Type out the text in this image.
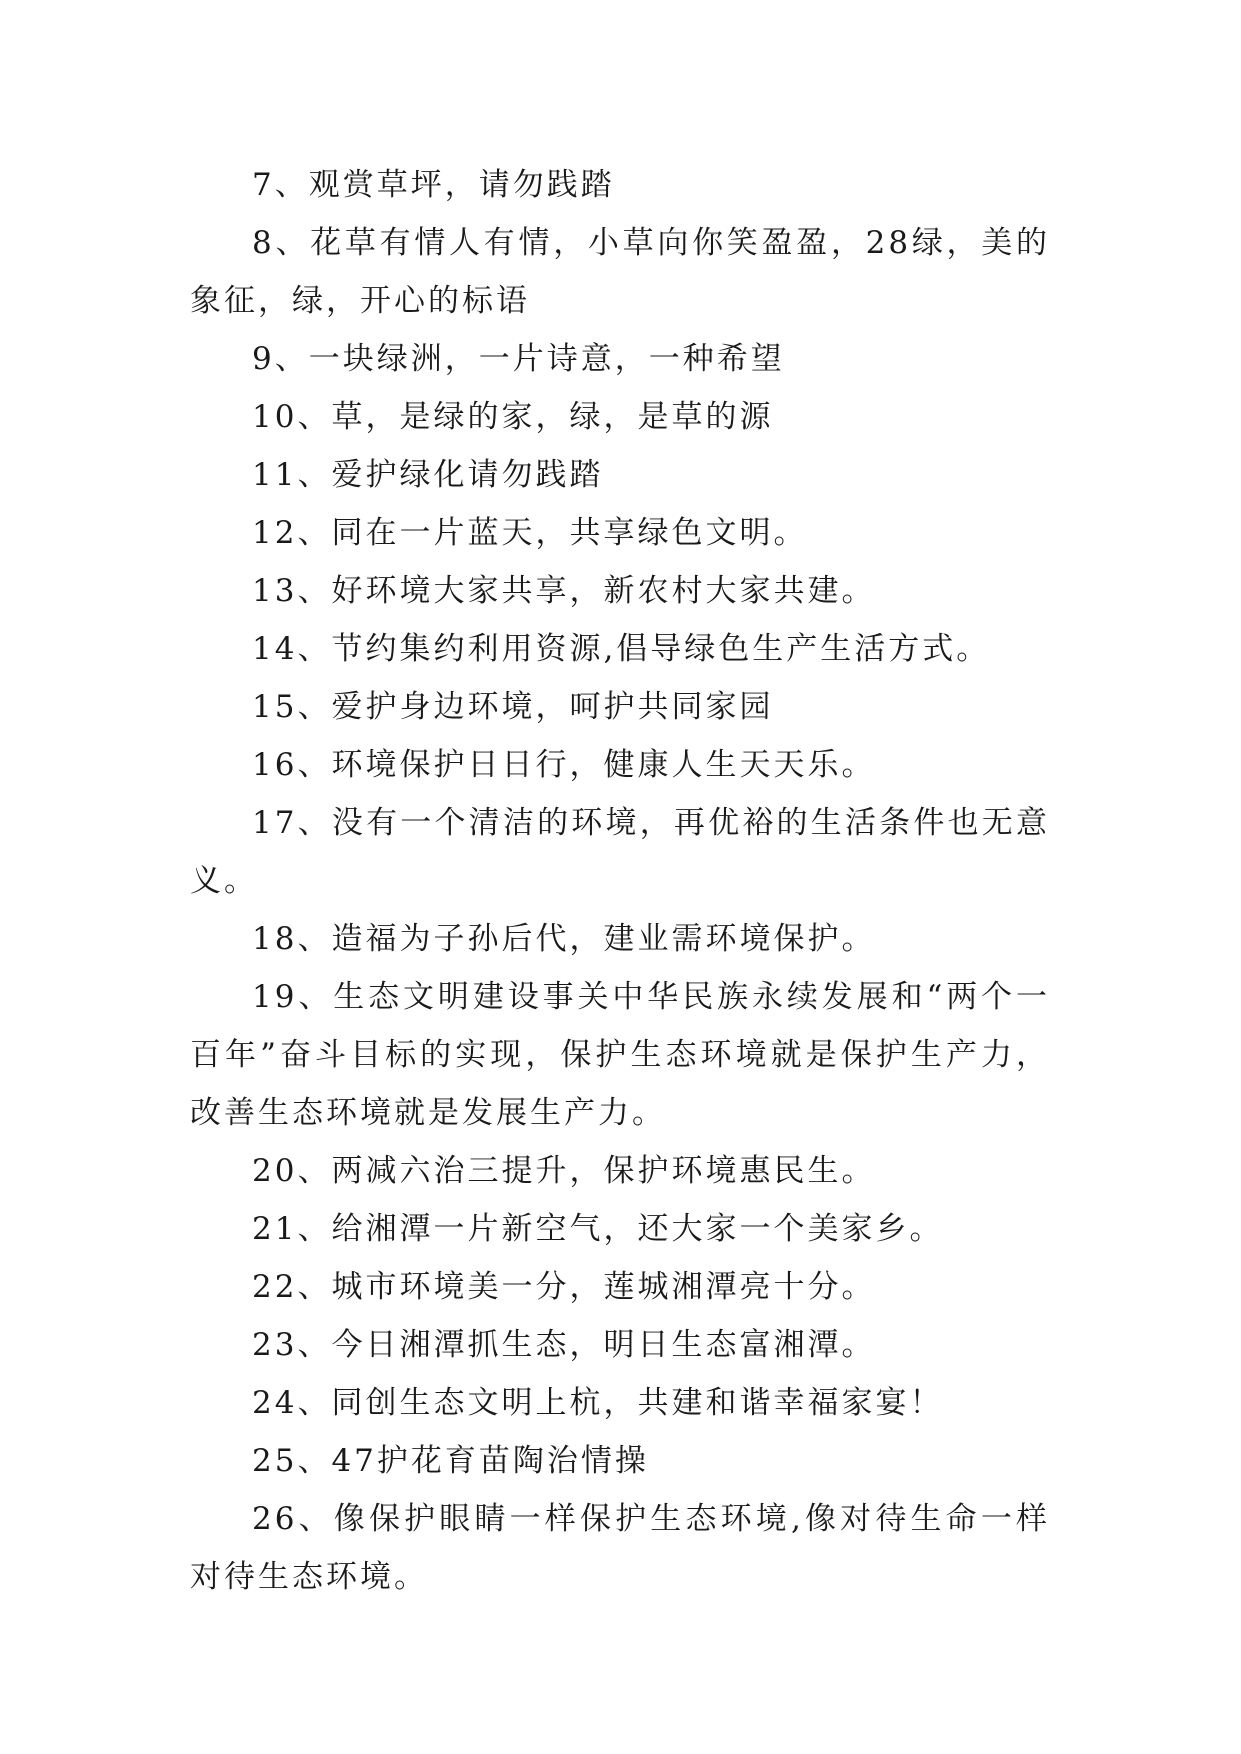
7、观赏草坪，请勿践踏

8、花草有情人有情，小草向你笑盈盈，28绿，美的象征，绿，开心的标语

9、一块绿洲，一片诗意，一种希望

10、草，是绿的家，绿，是草的源

11、爱护绿化请勿践踏

12、同在一片蓝天，共享绿色文明。

13、好环境大家共享，新农村大家共建。

14、节约集约利用资源,倡导绿色生产生活方式。

15、爱护身边环境，呵护共同家园

16、环境保护日日行，健康人生天天乐。

17、没有一个清洁的环境，再优裕的生活条件也无意义。

18、造福为子孙后代，建业需环境保护。

19、生态文明建设事关中华民族永续发展和“两个一百年”奋斗目标的实现，保护生态环境就是保护生产力，改善生态环境就是发展生产力。

20、两减六治三提升，保护环境惠民生。

21、给湘潭一片新空气，还大家一个美家乡。

22、城市环境美一分，莲城湘潭亮十分。

23、今日湘潭抓生态，明日生态富湘潭。

24、同创生态文明上杭，共建和谐幸福家宴！

25、47护花育苗陶治情操

26、像保护眼睛一样保护生态环境,像对待生命一样对待生态环境。
